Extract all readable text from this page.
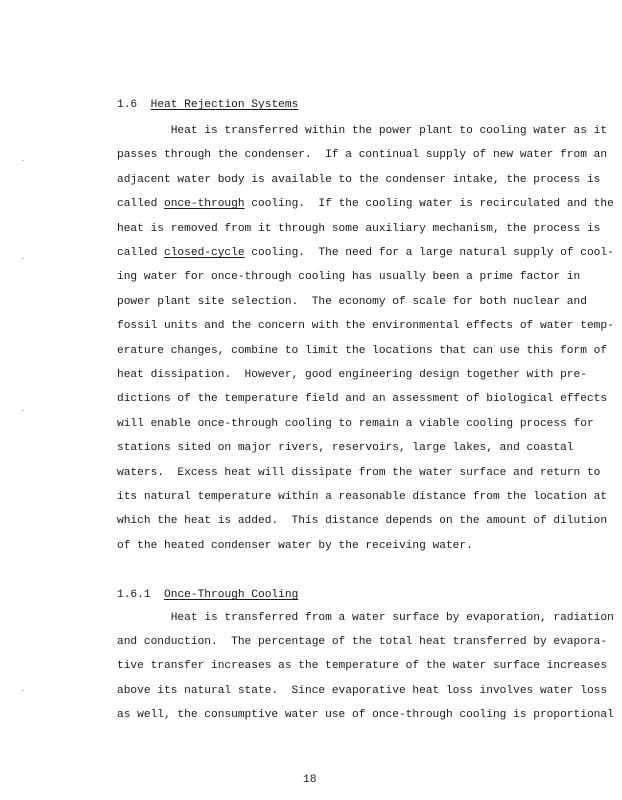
1.6 Heat Rejection Systems
Heat is transferred within the power plant to cooling water as it
passes through the condenser.  If a continual supply of new water from an
adjacent water body is available to the condenser intake, the process is
called once-through cooling.  If the cooling water is recirculated and the
heat is removed from it through some auxiliary mechanism, the process is
called closed-cycle cooling.  The need for a large natural supply of cool-
ing water for once-through cooling has usually been a prime factor in
power plant site selection.  The economy of scale for both nuclear and
fossil units and the concern with the environmental effects of water temp-
erature changes, combine to limit the locations that can use this form of
heat dissipation.  However, good engineering design together with pre-
dictions of the temperature field and an assessment of biological effects
will enable once-through cooling to remain a viable cooling process for
stations sited on major rivers, reservoirs, large lakes, and coastal
waters.  Excess heat will dissipate from the water surface and return to
its natural temperature within a reasonable distance from the location at
which the heat is added.  This distance depends on the amount of dilution
of the heated condenser water by the receiving water.
1.6.1 Once-Through Cooling
Heat is transferred from a water surface by evaporation, radiation
and conduction.  The percentage of the total heat transferred by evapora-
tive transfer increases as the temperature of the water surface increases
above its natural state.  Since evaporative heat loss involves water loss
as well, the consumptive water use of once-through cooling is proportional
18
